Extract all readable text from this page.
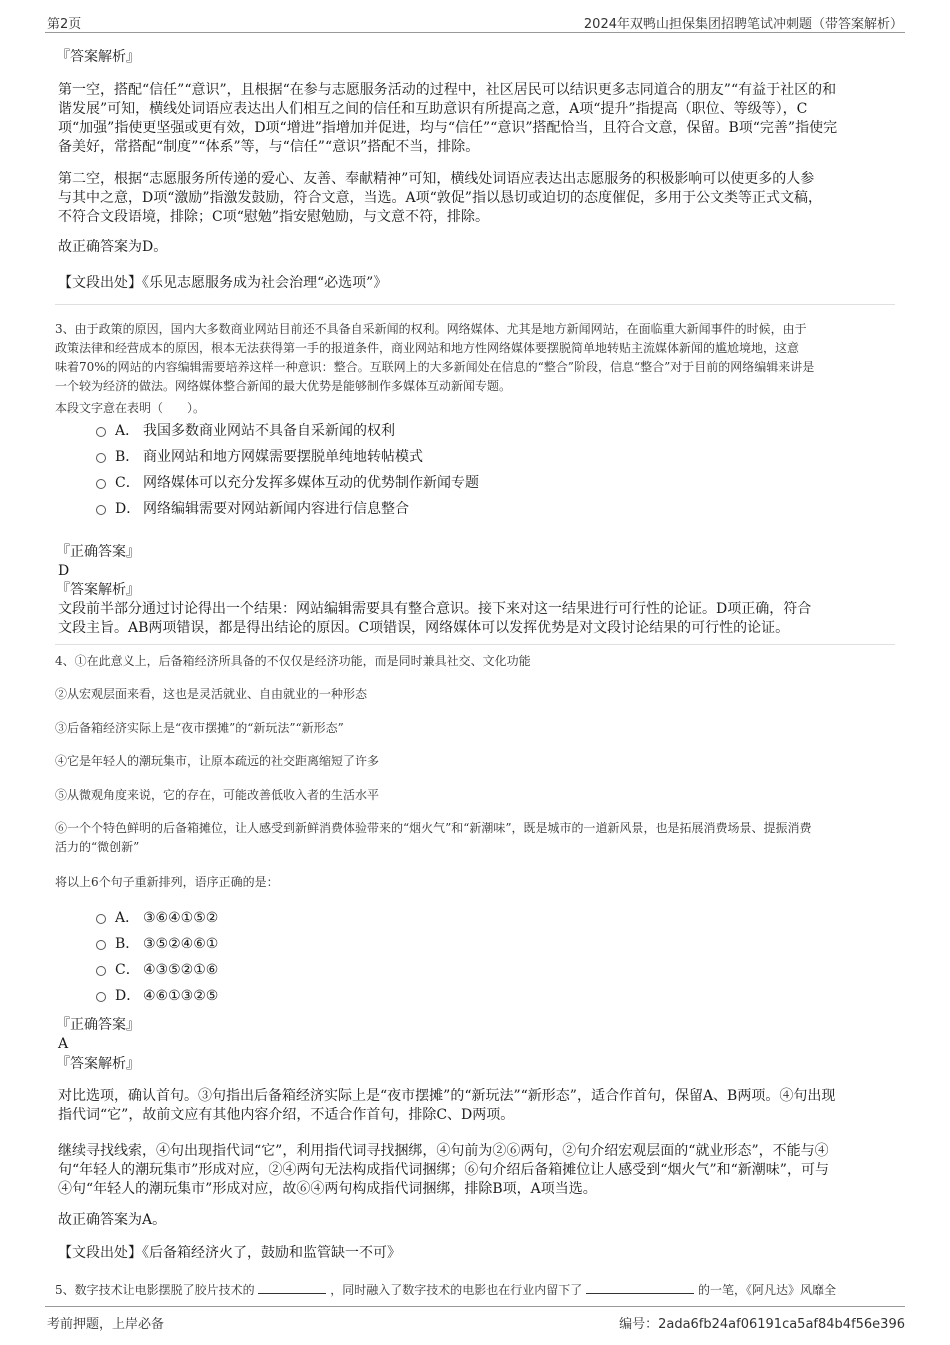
第2页	2024年双鸭山担保集团招聘笔试冲刺题（带答案解析）
『答案解析』
第一空，搭配“信任”“意识”，且根据“在参与志愿服务活动的过程中，社区居民可以结识更多志同道合的朋友”“有益于社区的和
谐发展”可知，横线处词语应表达出人们相互之间的信任和互助意识有所提高之意，A项“提升”指提高（职位、等级等），C
项“加强”指使更坚强或更有效，D项“增进”指增加并促进，均与“信任”“意识”搭配恰当，且符合文意，保留。B项“完善”指使完
备美好，常搭配“制度”“体系”等，与“信任”“意识”搭配不当，排除。
第二空，根据“志愿服务所传递的爱心、友善、奉献精神”可知，横线处词语应表达出志愿服务的积极影响可以使更多的人参
与其中之意，D项“激励”指激发鼓励，符合文意，当选。A项“敦促”指以恳切或迫切的态度催促，多用于公文类等正式文稿，
不符合文段语境，排除；C项“慰勉”指安慰勉励，与文意不符，排除。
故正确答案为D。
【文段出处】《乐见志愿服务成为社会治理“必选项”》
3、由于政策的原因，国内大多数商业网站目前还不具备自采新闻的权利。网络媒体、尤其是地方新闻网站，在面临重大新闻事件的时候，由于
政策法律和经营成本的原因，根本无法获得第一手的报道条件，商业网站和地方性网络媒体要摆脱简单地转贴主流媒体新闻的尴尬境地，这意
味着70%的网站的内容编辑需要培养这样一种意识：整合。互联网上的大多新闻处在信息的“整合”阶段，信息“整合”对于目前的网络编辑来讲是
一个较为经济的做法。网络媒体整合新闻的最大优势是能够制作多媒体互动新闻专题。
本段文字意在表明（　　）。
A． 我国多数商业网站不具备自采新闻的权利
B． 商业网站和地方网媒需要摆脱单纯地转帖模式
C． 网络媒体可以充分发挥多媒体互动的优势制作新闻专题
D． 网络编辑需要对网站新闻内容进行信息整合
『正确答案』
D
『答案解析』
文段前半部分通过讨论得出一个结果：网站编辑需要具有整合意识。接下来对这一结果进行可行性的论证。D项正确，符合
文段主旨。AB两项错误，都是得出结论的原因。C项错误，网络媒体可以发挥优势是对文段讨论结果的可行性的论证。
4、①在此意义上，后备箱经济所具备的不仅仅是经济功能，而是同时兼具社交、文化功能
②从宏观层面来看，这也是灵活就业、自由就业的一种形态
③后备箱经济实际上是“夜市摆摊”的“新玩法”“新形态”
④它是年轻人的潮玩集市，让原本疏远的社交距离缩短了许多
⑤从微观角度来说，它的存在，可能改善低收入者的生活水平
⑥一个个特色鲜明的后备箱摊位，让人感受到新鲜消费体验带来的“烟火气”和“新潮味”，既是城市的一道新风景，也是拓展消费场景、提振消费
活力的“微创新”
将以上6个句子重新排列，语序正确的是：
A． ③⑥④①⑤②
B． ③⑤②④⑥①
C． ④③⑤②①⑥
D． ④⑥①③②⑤
『正确答案』
A
『答案解析』
对比选项，确认首句。③句指出后备箱经济实际上是“夜市摆摊”的“新玩法”“新形态”，适合作首句，保留A、B两项。④句出现
指代词“它”，故前文应有其他内容介绍，不适合作首句，排除C、D两项。
继续寻找线索，④句出现指代词“它”，利用指代词寻找捆绑，④句前为②⑥两句，②句介绍宏观层面的“就业形态”，不能与④
句“年轻人的潮玩集市”形成对应，②④两句无法构成指代词捆绑；⑥句介绍后备箱摊位让人感受到“烟火气”和“新潮味”，可与
④句“年轻人的潮玩集市”形成对应，故⑥④两句构成指代词捆绑，排除B项，A项当选。
故正确答案为A。
【文段出处】《后备箱经济火了，鼓励和监管缺一不可》
5、数字技术让电影摆脱了胶片技术的	，同时融入了数字技术的电影也在行业内留下了	的一笔，《阿凡达》风靡全
考前押题，上岸必备	编号：2ada6fb24af06191ca5af84b4f56e396
